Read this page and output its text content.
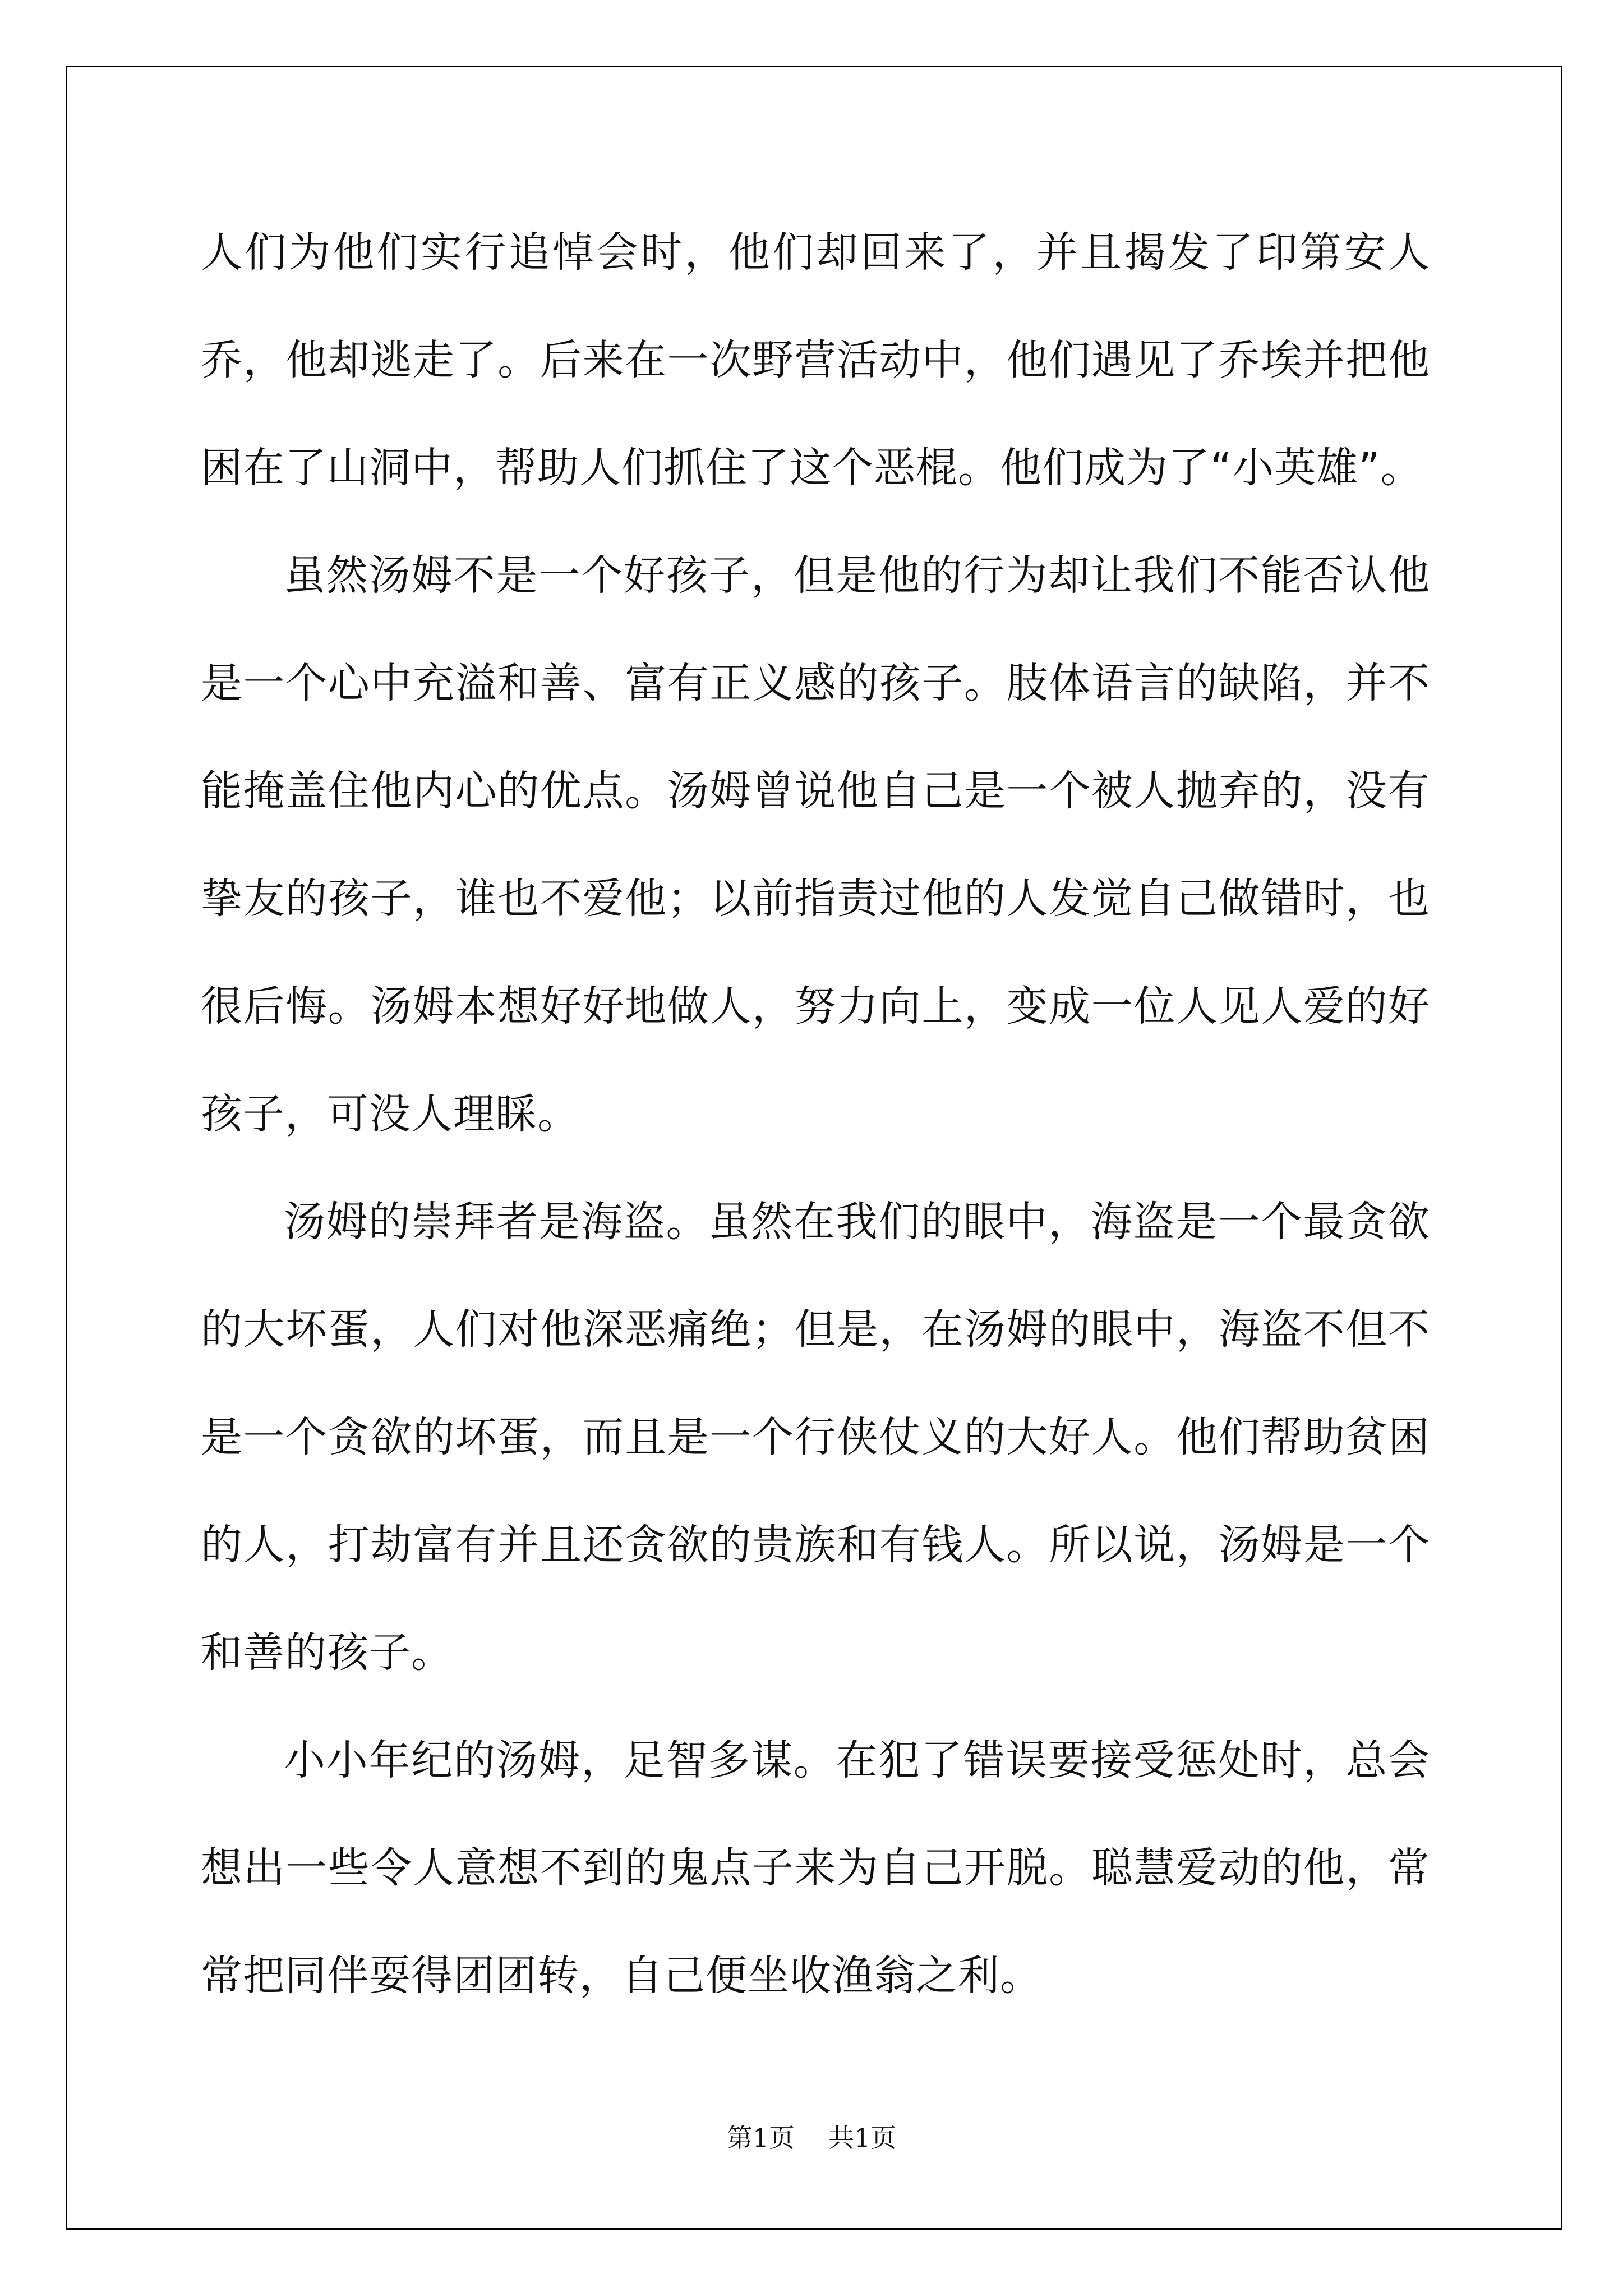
人们为他们实行追悼会时，他们却回来了，并且揭发了印第安人乔，他却逃走了。后来在一次野营活动中，他们遇见了乔埃并把他困在了山洞中，帮助人们抓住了这个恶棍。他们成为了“小英雄”。

虽然汤姆不是一个好孩子，但是他的行为却让我们不能否认他是一个心中充溢和善、富有正义感的孩子。肢体语言的缺陷，并不能掩盖住他内心的优点。汤姆曾说他自己是一个被人抛弃的，没有挚友的孩子，谁也不爱他；以前指责过他的人发觉自己做错时，也很后悔。汤姆本想好好地做人，努力向上，变成一位人见人爱的好孩子，可没人理睬。

汤姆的崇拜者是海盗。虽然在我们的眼中，海盗是一个最贪欲的大坏蛋，人们对他深恶痛绝；但是，在汤姆的眼中，海盗不但不是一个贪欲的坏蛋，而且是一个行侠仗义的大好人。他们帮助贫困的人，打劫富有并且还贪欲的贵族和有钱人。所以说，汤姆是一个和善的孩子。

小小年纪的汤姆，足智多谋。在犯了错误要接受惩处时，总会想出一些令人意想不到的鬼点子来为自己开脱。聪慧爱动的他，常常把同伴耍得团团转，自己便坐收渔翁之利。

第1页 共1页
